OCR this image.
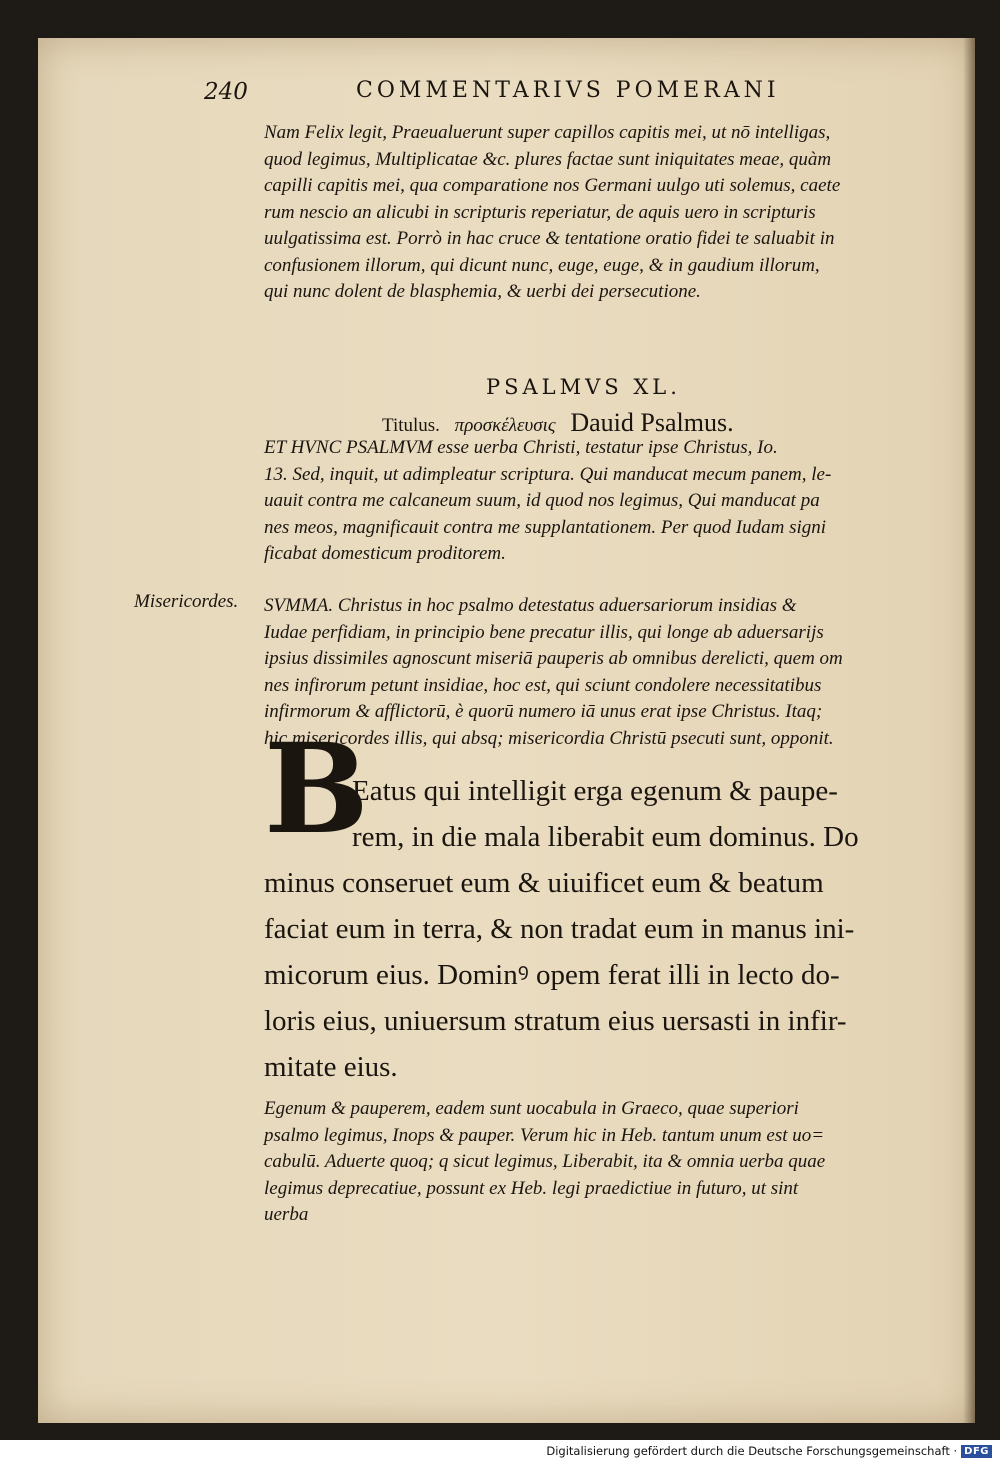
240	COMMENTARIVS POMERANI
Nam Felix legit, Praeualuerunt super capillos capitis mei, ut nō intelligas,
quod legimus, Multiplicatae &c. plures factae sunt iniquitates meae, quàm
capilli capitis mei, qua comparatione nos Germani uulgo uti solemus, caete
rum nescio an alicubi in scripturis reperiatur, de aquis uero in scripturis
uulgatissima est. Porrò in hac cruce & tentatione oratio fidei te saluabit in
confusionem illorum, qui dicunt nunc, euge, euge, & in gaudium illorum,
qui nunc dolent de blasphemia, & uerbi dei persecutione.
PSALMVS XL.
Titulus. προσκέλευσις Dauid Psalmus.
ET HVNC PSALMVM esse uerba Christi, testatur ipse Christus, Io.
13. Sed, inquit, ut adimpleatur scriptura. Qui manducat mecum panem, le-
uauit contra me calcaneum suum, id quod nos legimus, Qui manducat pa
nes meos, magnificauit contra me supplantationem. Per quod Iudam signi
ficabat domesticum proditorem.
Misericordes. SVMMA. Christus in hoc psalmo detestatus aduersariorum insidias &
Iudae perfidiam, in principio bene precatur illis, qui longe ab aduersarijs
ipsius dissimiles agnoscunt miseriā pauperis ab omnibus derelicti, quem om
nes infirorum petunt insidiae, hoc est, qui sciunt condolere necessitatibus
infirmorum & afflictorū, è quorū numero iā unus erat ipse Christus. Itaq;
hic misericordes illis, qui absq; misericordia Christū psecuti sunt, opponit.
B
Eatus qui intelligit erga egenum & paupe-
rem, in die mala liberabit eum dominus. Do
minus conseruet eum & uiuificet eum & beatum
faciat eum in terra, & non tradat eum in manus ini-
micorum eius. Dominꝰ opem ferat illi in lecto do-
loris eius, uniuersum stratum eius uersasti in infir-
mitate eius.
Egenum & pauperem, eadem sunt uocabula in Graeco, quae superiori
psalmo legimus, Inops & pauper. Verum hic in Heb. tantum unum est uo=
cabulū. Aduerte quoq; q sicut legimus, Liberabit, ita & omnia uerba quae
legimus deprecatiue, possunt ex Heb. legi praedictiue in futuro, ut sint
uerba
Digitalisierung gefördert durch die Deutsche Forschungsgemeinschaft · DFG
